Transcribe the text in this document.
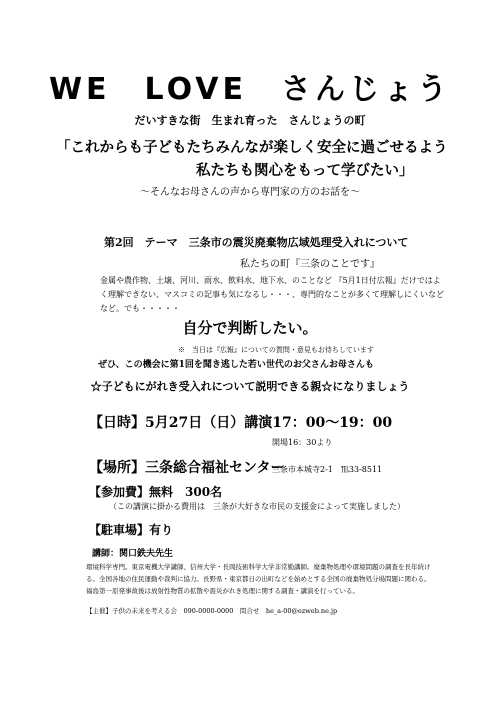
WE　LOVE　さんじょう
だいすきな街　生まれ育った　さんじょうの町
「これからも子どもたちみんなが楽しく安全に過ごせるよう
私たちも関心をもって学びたい」
～そんなお母さんの声から専門家の方のお話を～
第2回　テーマ　三条市の震災廃棄物広域処理受入れについて
私たちの町『三条のことです』
金属や農作物、土壌、河川、雨水、飲料水、地下水、のことなど 『5月1日付広報』だけではよく理解できない、マスコミの記事も気になるし・・・、専門的なことが多くて理解しにくいなどなど。でも・・・・・
自分で判断したい。
※　当日は『広報』についての質問・意見もお待ちしています
ぜひ、この機会に第1回を聞き逃した若い世代のお父さんお母さんも
☆子どもにがれき受入れについて説明できる親☆になりましょう
【日時】5月27日（日）講演17：00～19：00
開場16：30より
【場所】三条総合福祉センター
三条市本城寺2-1　℡33-8511
【参加費】無料　300名
（この講演に掛かる費用は　三条が大好きな市民の支援金によって実施しました）
【駐車場】有り
講師：関口鉄夫先生
環境科学専門。東京電機大学講師、信州大学・長岡技術科学大学非常勤講師。廃棄物処理や環境問題の調査を長年続ける。全国各地の住民運動や裁判に協力。長野県・東京都日の出町などを始めとする全国の廃棄物処分場問題に関わる。福島第一原発事故後は放射性物質の拡散や震災がれき処理に関する調査・講演を行っている。
【主催】子供の未来を考える会　090-0000-0000　問合せ　he_a-00@ezweb.ne.jp
